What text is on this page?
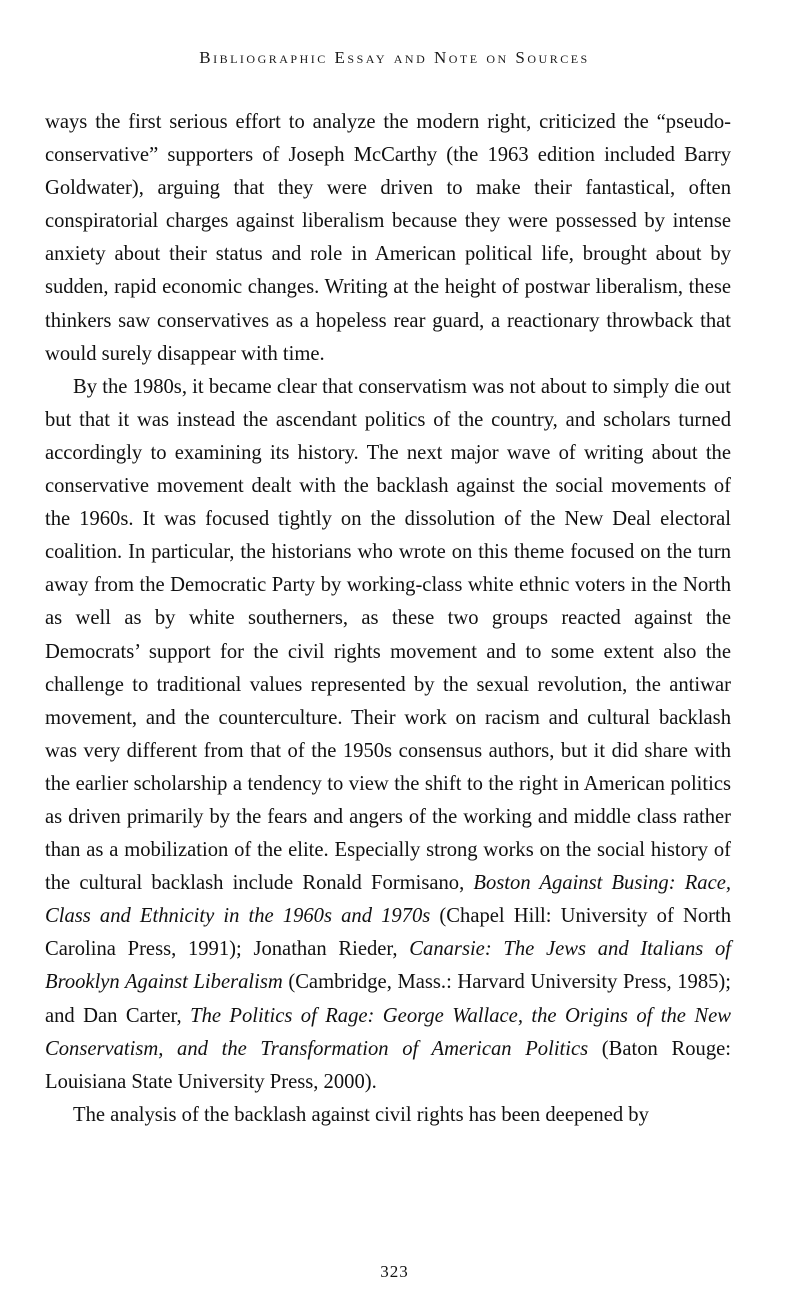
Bibliographic Essay and Note on Sources

ways the first serious effort to analyze the modern right, criticized the “pseudo-conservative” supporters of Joseph McCarthy (the 1963 edition included Barry Goldwater), arguing that they were driven to make their fantastical, often conspiratorial charges against liberalism because they were possessed by intense anxiety about their status and role in American political life, brought about by sudden, rapid economic changes. Writing at the height of postwar liberalism, these thinkers saw conservatives as a hopeless rear guard, a reactionary throwback that would surely disappear with time.

By the 1980s, it became clear that conservatism was not about to simply die out but that it was instead the ascendant politics of the country, and scholars turned accordingly to examining its history. The next major wave of writing about the conservative movement dealt with the backlash against the social movements of the 1960s. It was focused tightly on the dissolution of the New Deal electoral coalition. In particular, the historians who wrote on this theme focused on the turn away from the Democratic Party by working-class white ethnic voters in the North as well as by white southerners, as these two groups reacted against the Democrats’ support for the civil rights movement and to some extent also the challenge to traditional values represented by the sexual revolution, the antiwar movement, and the counterculture. Their work on racism and cultural backlash was very different from that of the 1950s consensus authors, but it did share with the earlier scholarship a tendency to view the shift to the right in American politics as driven primarily by the fears and angers of the working and middle class rather than as a mobilization of the elite. Especially strong works on the social history of the cultural backlash include Ronald Formisano, Boston Against Busing: Race, Class and Ethnicity in the 1960s and 1970s (Chapel Hill: University of North Carolina Press, 1991); Jonathan Rieder, Canarsie: The Jews and Italians of Brooklyn Against Liberalism (Cambridge, Mass.: Harvard University Press, 1985); and Dan Carter, The Politics of Rage: George Wallace, the Origins of the New Conservatism, and the Transformation of American Politics (Baton Rouge: Louisiana State University Press, 2000).

The analysis of the backlash against civil rights has been deepened by

323
